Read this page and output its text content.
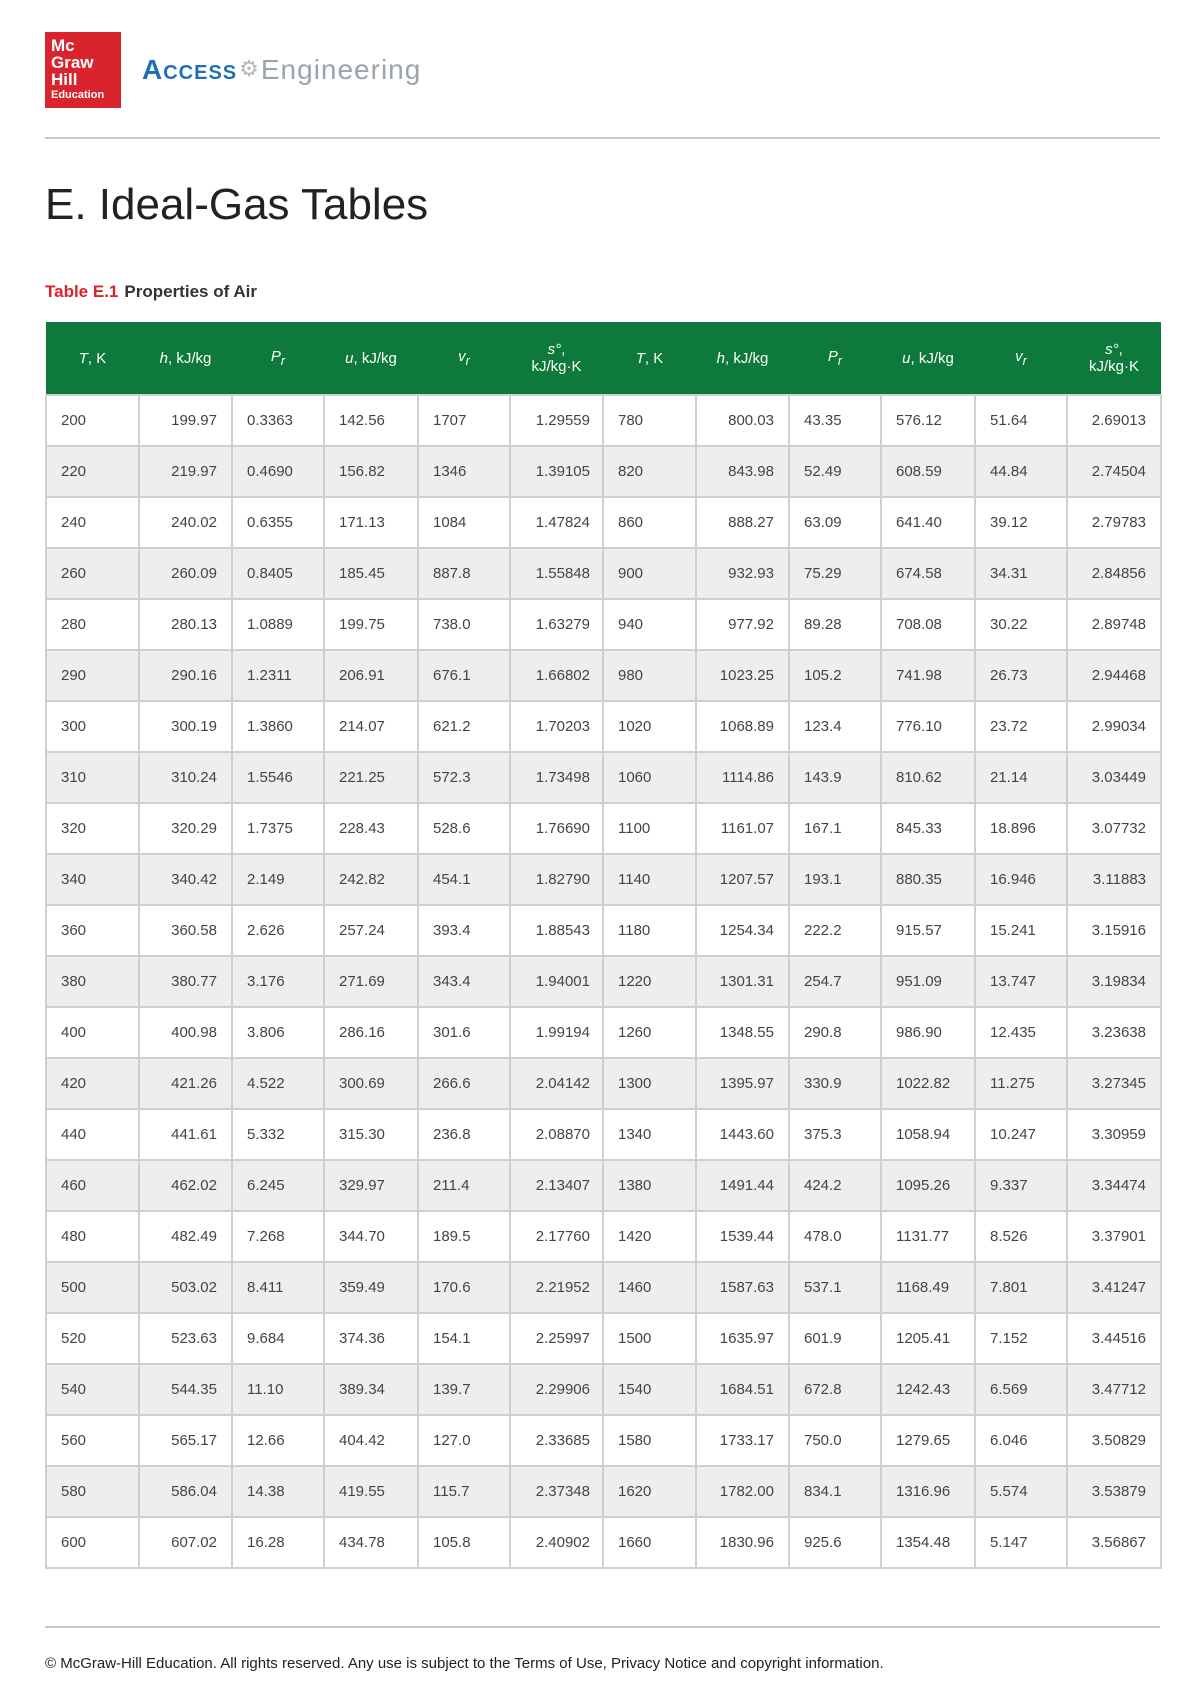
Mc
Graw
Hill
Education
Access ⚙ Engineering
E. Ideal-Gas Tables
Table E.1 Properties of Air
T, K	h, kJ/kg	$P_r$	u, kJ/kg	$v_r$	s°,
kJ/kg·K	T, K	h, kJ/kg	$P_r$	u, kJ/kg	$v_r$	s°,
kJ/kg·K
200	199.97	0.3363	142.56	1707	1.29559	780	800.03	43.35	576.12	51.64	2.69013
220	219.97	0.4690	156.82	1346	1.39105	820	843.98	52.49	608.59	44.84	2.74504
240	240.02	0.6355	171.13	1084	1.47824	860	888.27	63.09	641.40	39.12	2.79783
260	260.09	0.8405	185.45	887.8	1.55848	900	932.93	75.29	674.58	34.31	2.84856
280	280.13	1.0889	199.75	738.0	1.63279	940	977.92	89.28	708.08	30.22	2.89748
290	290.16	1.2311	206.91	676.1	1.66802	980	1023.25	105.2	741.98	26.73	2.94468
300	300.19	1.3860	214.07	621.2	1.70203	1020	1068.89	123.4	776.10	23.72	2.99034
310	310.24	1.5546	221.25	572.3	1.73498	1060	1114.86	143.9	810.62	21.14	3.03449
320	320.29	1.7375	228.43	528.6	1.76690	1100	1161.07	167.1	845.33	18.896	3.07732
340	340.42	2.149	242.82	454.1	1.82790	1140	1207.57	193.1	880.35	16.946	3.11883
360	360.58	2.626	257.24	393.4	1.88543	1180	1254.34	222.2	915.57	15.241	3.15916
380	380.77	3.176	271.69	343.4	1.94001	1220	1301.31	254.7	951.09	13.747	3.19834
400	400.98	3.806	286.16	301.6	1.99194	1260	1348.55	290.8	986.90	12.435	3.23638
420	421.26	4.522	300.69	266.6	2.04142	1300	1395.97	330.9	1022.82	11.275	3.27345
440	441.61	5.332	315.30	236.8	2.08870	1340	1443.60	375.3	1058.94	10.247	3.30959
460	462.02	6.245	329.97	211.4	2.13407	1380	1491.44	424.2	1095.26	9.337	3.34474
480	482.49	7.268	344.70	189.5	2.17760	1420	1539.44	478.0	1131.77	8.526	3.37901
500	503.02	8.411	359.49	170.6	2.21952	1460	1587.63	537.1	1168.49	7.801	3.41247
520	523.63	9.684	374.36	154.1	2.25997	1500	1635.97	601.9	1205.41	7.152	3.44516
540	544.35	11.10	389.34	139.7	2.29906	1540	1684.51	672.8	1242.43	6.569	3.47712
560	565.17	12.66	404.42	127.0	2.33685	1580	1733.17	750.0	1279.65	6.046	3.50829
580	586.04	14.38	419.55	115.7	2.37348	1620	1782.00	834.1	1316.96	5.574	3.53879
600	607.02	16.28	434.78	105.8	2.40902	1660	1830.96	925.6	1354.48	5.147	3.56867
© McGraw-Hill Education. All rights reserved. Any use is subject to the Terms of Use, Privacy Notice and copyright information.
